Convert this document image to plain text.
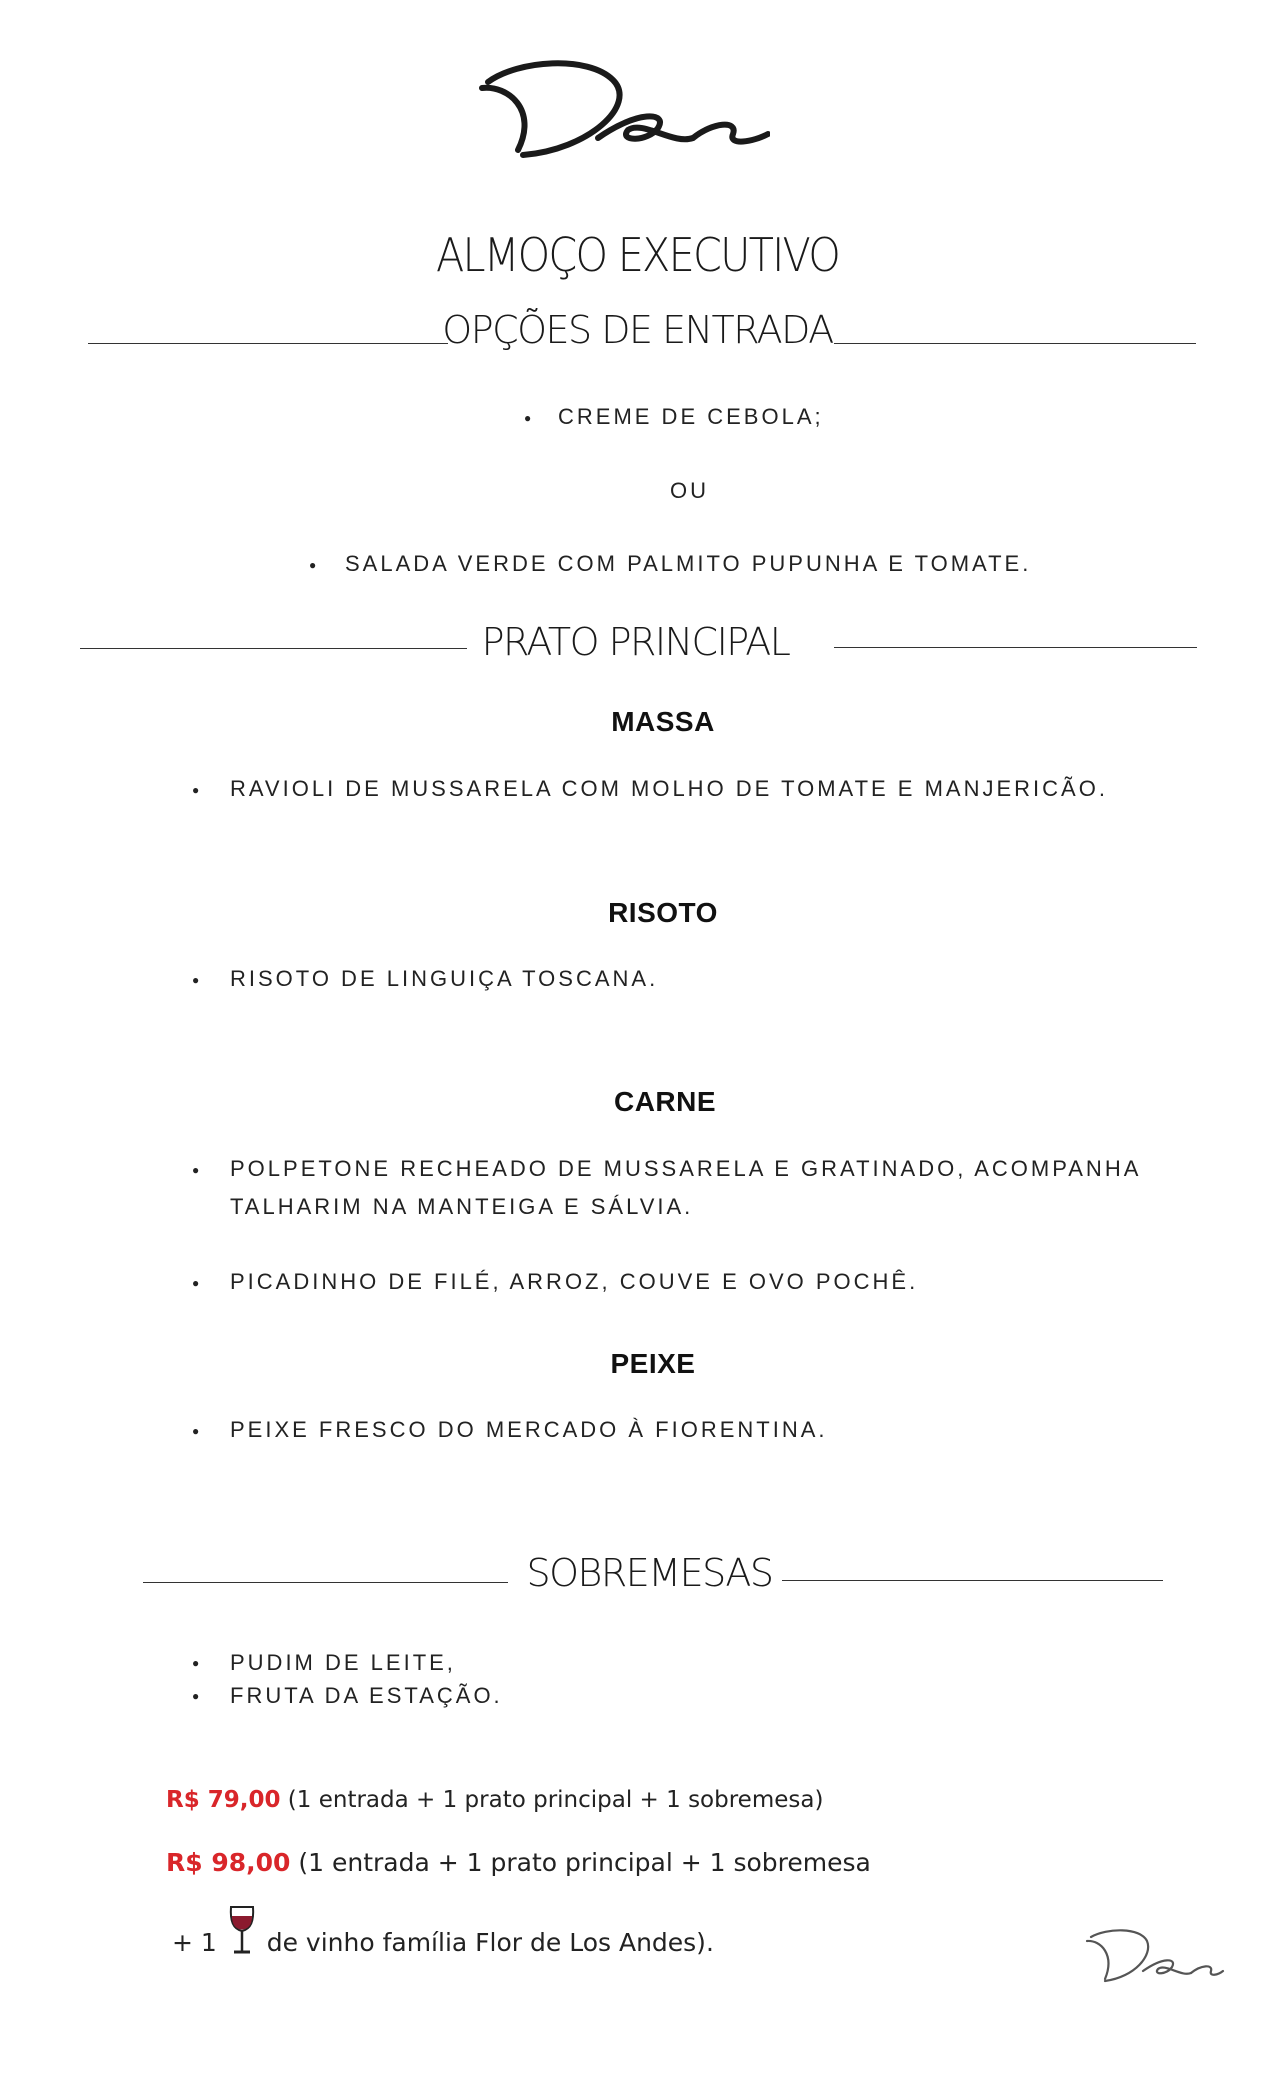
ALMOÇO EXECUTIVO
OPÇÕES DE ENTRADA
● CREME DE CEBOLA;
OU
● SALADA VERDE COM PALMITO PUPUNHA E TOMATE.
PRATO PRINCIPAL
MASSA
● RAVIOLI DE MUSSARELA COM MOLHO DE TOMATE E MANJERICÃO.
RISOTO
● RISOTO DE LINGUIÇA TOSCANA.
CARNE
● POLPETONE RECHEADO DE MUSSARELA E GRATINADO, ACOMPANHA
TALHARIM NA MANTEIGA E SÁLVIA.
● PICADINHO DE FILÉ, ARROZ, COUVE E OVO POCHÊ.
PEIXE
● PEIXE FRESCO DO MERCADO À FIORENTINA.
SOBREMESAS
● PUDIM DE LEITE,
● FRUTA DA ESTAÇÃO.
R$ 79,00 (1 entrada + 1 prato principal + 1 sobremesa)
R$ 98,00 (1 entrada + 1 prato principal + 1 sobremesa
+ 1 de vinho família Flor de Los Andes).
